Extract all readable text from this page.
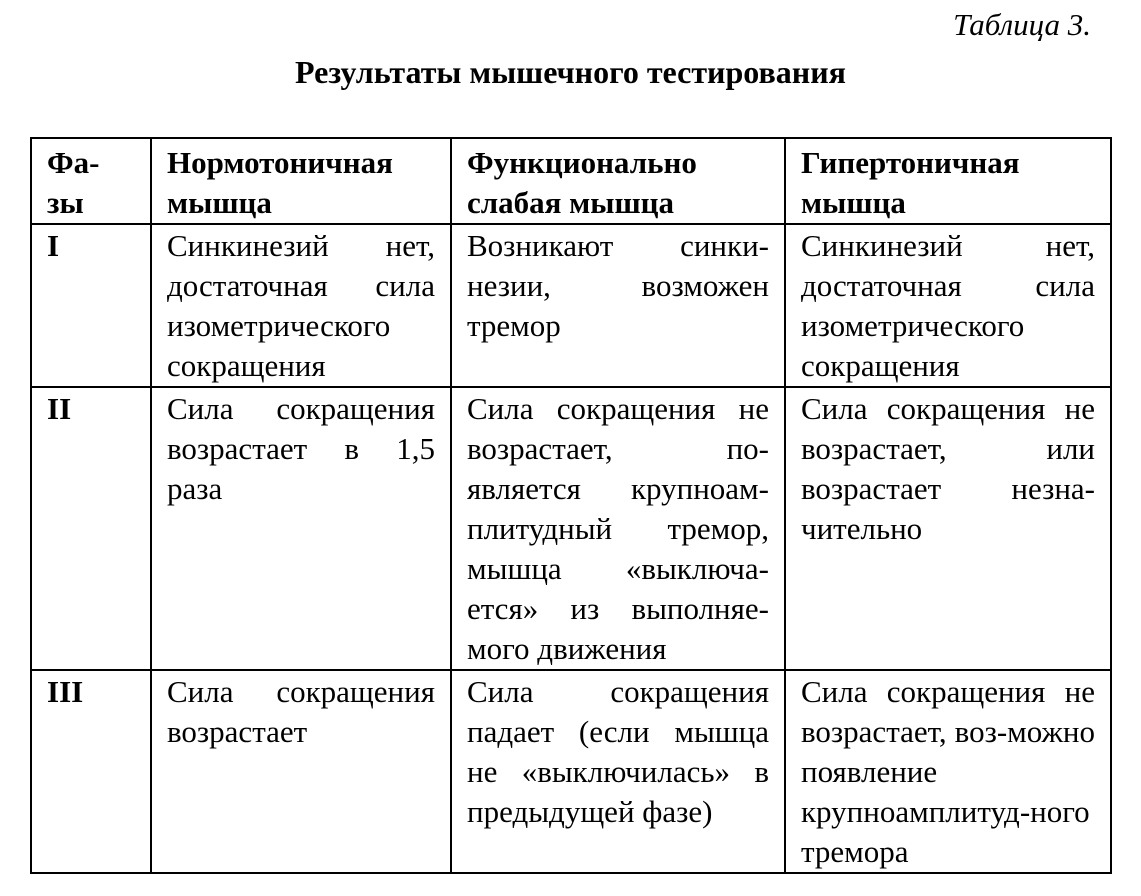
Таблица 3.
Результаты мышечного тестирования
Фа-зы	Нормотоничная мышца	Функционально слабая мышца	Гипертоничная мышца
I	Синкинезий нет, достаточная сила изометрического сокращения	Возникают синки-незии, возможен тремор	Синкинезий нет, достаточная сила изометрического сокращения

II	Сила сокращения возрастает в 1,5 раза	Сила сокращения не возрастает, по-является крупноам-плитудный тремор, мышца «выключа-ется» из выполняе-мого движения	Сила сокращения не возрастает, или возрастает незна-чительно

III	Сила сокращения возрастает	Сила сокращения падает (если мышца не «выключилась» в предыдущей фазе)	Сила сокращения не возрастает, воз-можно появление крупноамплитуд-ного тремора
